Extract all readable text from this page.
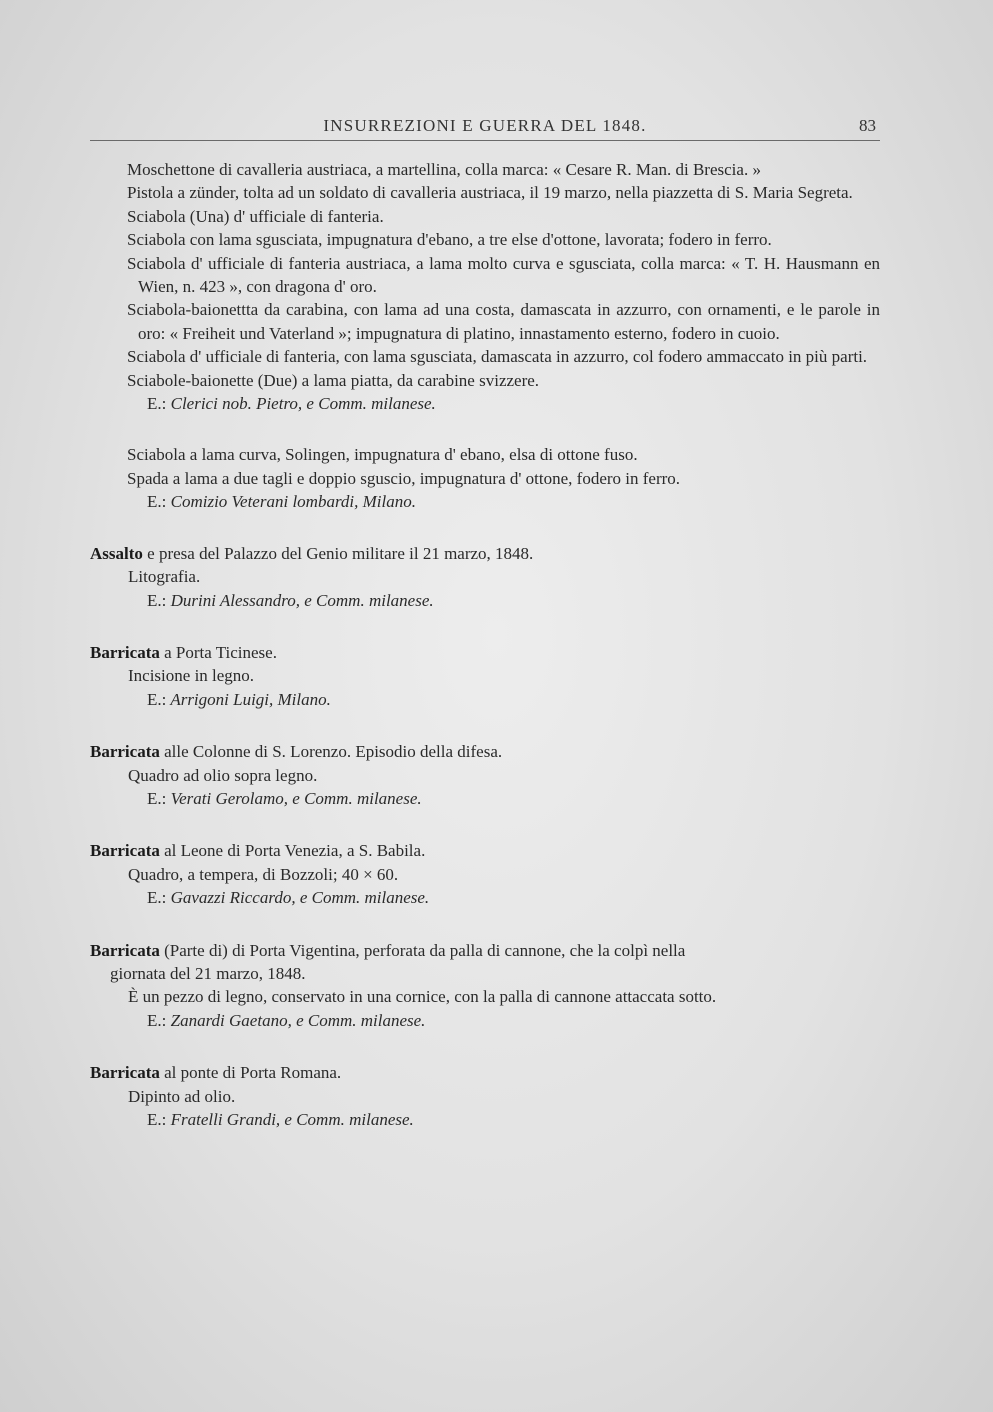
INSURREZIONI E GUERRA DEL 1848.	83

Moschettone di cavalleria austriaca, a martellina, colla marca: « Cesare R. Man. di Brescia. »

Pistola a zünder, tolta ad un soldato di cavalleria austriaca, il 19 marzo, nella piazzetta di S. Maria Segreta.

Sciabola (Una) d' ufficiale di fanteria.

Sciabola con lama sgusciata, impugnatura d'ebano, a tre else d'ottone, lavorata; fodero in ferro.

Sciabola d' ufficiale di fanteria austriaca, a lama molto curva e sgusciata, colla marca: « T. H. Hausmann en Wien, n. 423 », con dragona d' oro.

Sciabola-baionettta da carabina, con lama ad una costa, damascata in azzurro, con ornamenti, e le parole in oro: « Freiheit und Vaterland »; impugnatura di platino, innastamento esterno, fodero in cuoio.

Sciabola d' ufficiale di fanteria, con lama sgusciata, damascata in azzurro, col fodero ammaccato in più parti.

Sciabole-baionette (Due) a lama piatta, da carabine svizzere.

E.: Clerici nob. Pietro, e Comm. milanese.

Sciabola a lama curva, Solingen, impugnatura d' ebano, elsa di ottone fuso.

Spada a lama a due tagli e doppio sguscio, impugnatura d' ottone, fodero in ferro.

E.: Comizio Veterani lombardi, Milano.

Assalto e presa del Palazzo del Genio militare il 21 marzo, 1848.

Litografia.

E.: Durini Alessandro, e Comm. milanese.

Barricata a Porta Ticinese.

Incisione in legno.

E.: Arrigoni Luigi, Milano.

Barricata alle Colonne di S. Lorenzo. Episodio della difesa.

Quadro ad olio sopra legno.

E.: Verati Gerolamo, e Comm. milanese.

Barricata al Leone di Porta Venezia, a S. Babila.

Quadro, a tempera, di Bozzoli; 40 × 60.

E.: Gavazzi Riccardo, e Comm. milanese.

Barricata (Parte di) di Porta Vigentina, perforata da palla di cannone, che la colpì nella

giornata del 21 marzo, 1848.

È un pezzo di legno, conservato in una cornice, con la palla di cannone attaccata sotto.

E.: Zanardi Gaetano, e Comm. milanese.

Barricata al ponte di Porta Romana.

Dipinto ad olio.

E.: Fratelli Grandi, e Comm. milanese.
